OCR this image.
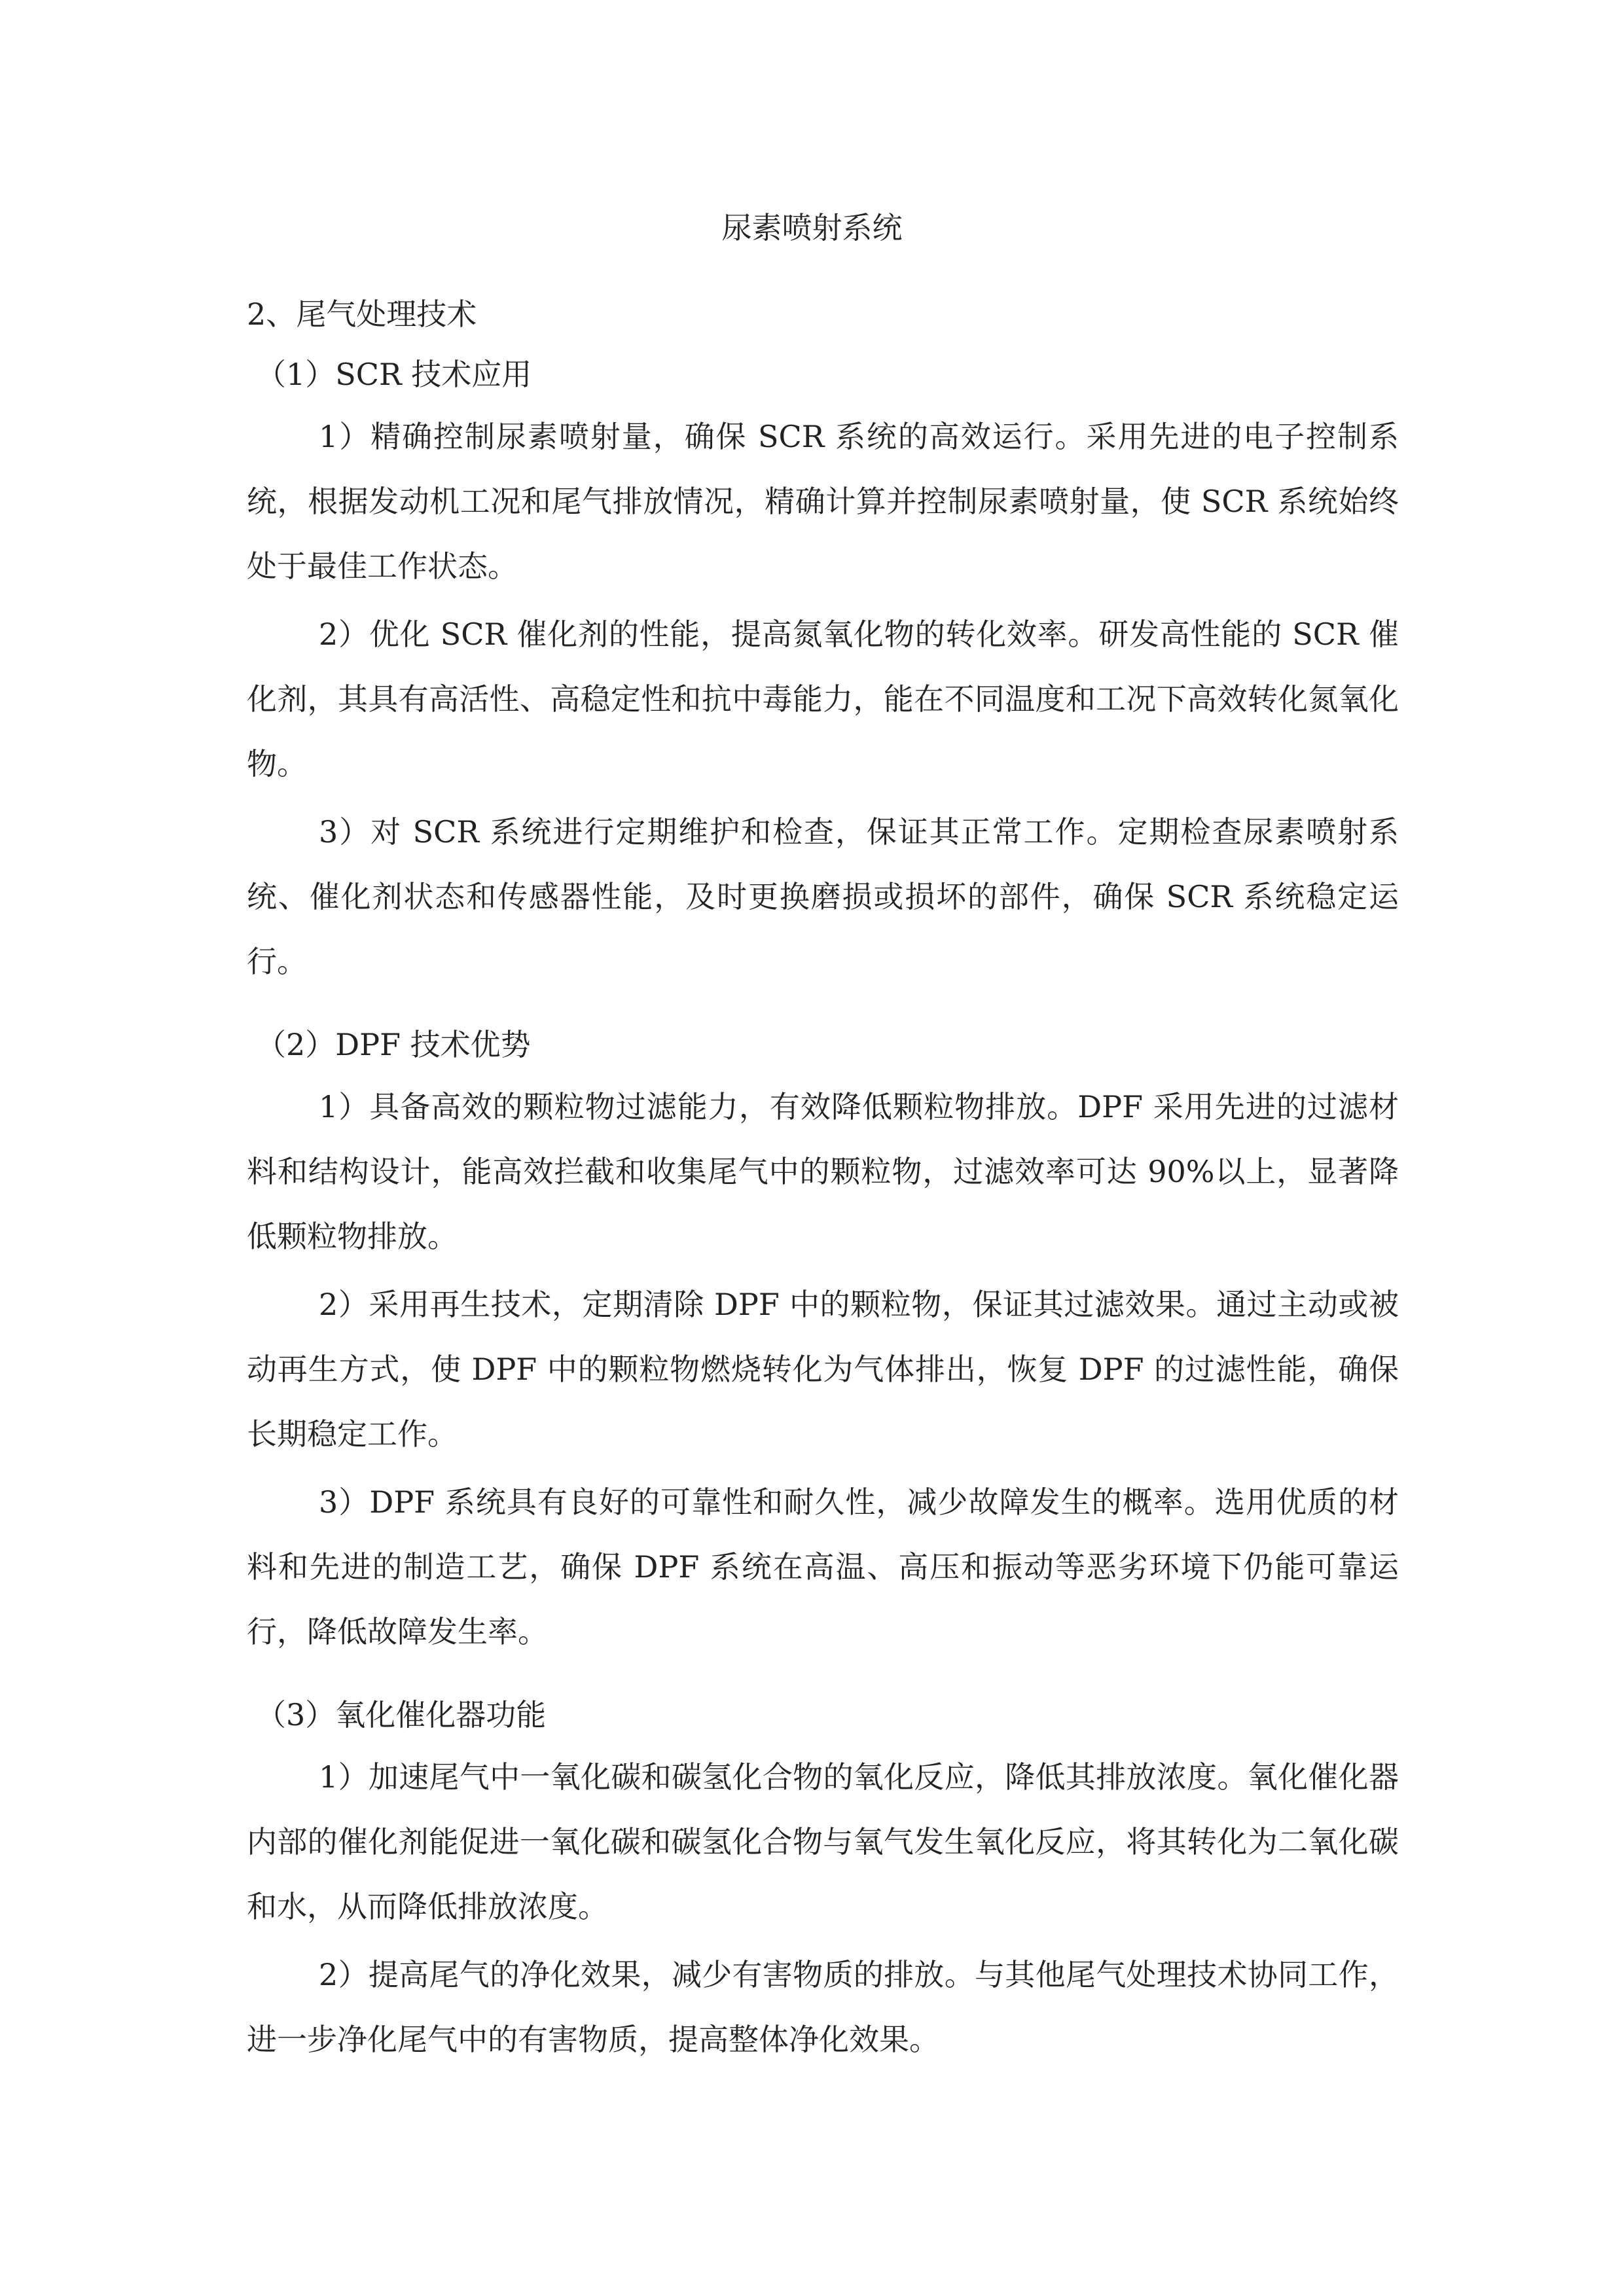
尿素喷射系统

2、尾气处理技术

（1）SCR 技术应用

1）精确控制尿素喷射量，确保 SCR 系统的高效运行。采用先进的电子控制系统，根据发动机工况和尾气排放情况，精确计算并控制尿素喷射量，使 SCR 系统始终处于最佳工作状态。

2）优化 SCR 催化剂的性能，提高氮氧化物的转化效率。研发高性能的 SCR 催化剂，其具有高活性、高稳定性和抗中毒能力，能在不同温度和工况下高效转化氮氧化物。

3）对 SCR 系统进行定期维护和检查，保证其正常工作。定期检查尿素喷射系统、催化剂状态和传感器性能，及时更换磨损或损坏的部件，确保 SCR 系统稳定运行。

（2）DPF 技术优势

1）具备高效的颗粒物过滤能力，有效降低颗粒物排放。DPF 采用先进的过滤材料和结构设计，能高效拦截和收集尾气中的颗粒物，过滤效率可达 90%以上，显著降低颗粒物排放。

2）采用再生技术，定期清除 DPF 中的颗粒物，保证其过滤效果。通过主动或被动再生方式，使 DPF 中的颗粒物燃烧转化为气体排出，恢复 DPF 的过滤性能，确保长期稳定工作。

3）DPF 系统具有良好的可靠性和耐久性，减少故障发生的概率。选用优质的材料和先进的制造工艺，确保 DPF 系统在高温、高压和振动等恶劣环境下仍能可靠运行，降低故障发生率。

（3）氧化催化器功能

1）加速尾气中一氧化碳和碳氢化合物的氧化反应，降低其排放浓度。氧化催化器内部的催化剂能促进一氧化碳和碳氢化合物与氧气发生氧化反应，将其转化为二氧化碳和水，从而降低排放浓度。

2）提高尾气的净化效果，减少有害物质的排放。与其他尾气处理技术协同工作，进一步净化尾气中的有害物质，提高整体净化效果。
